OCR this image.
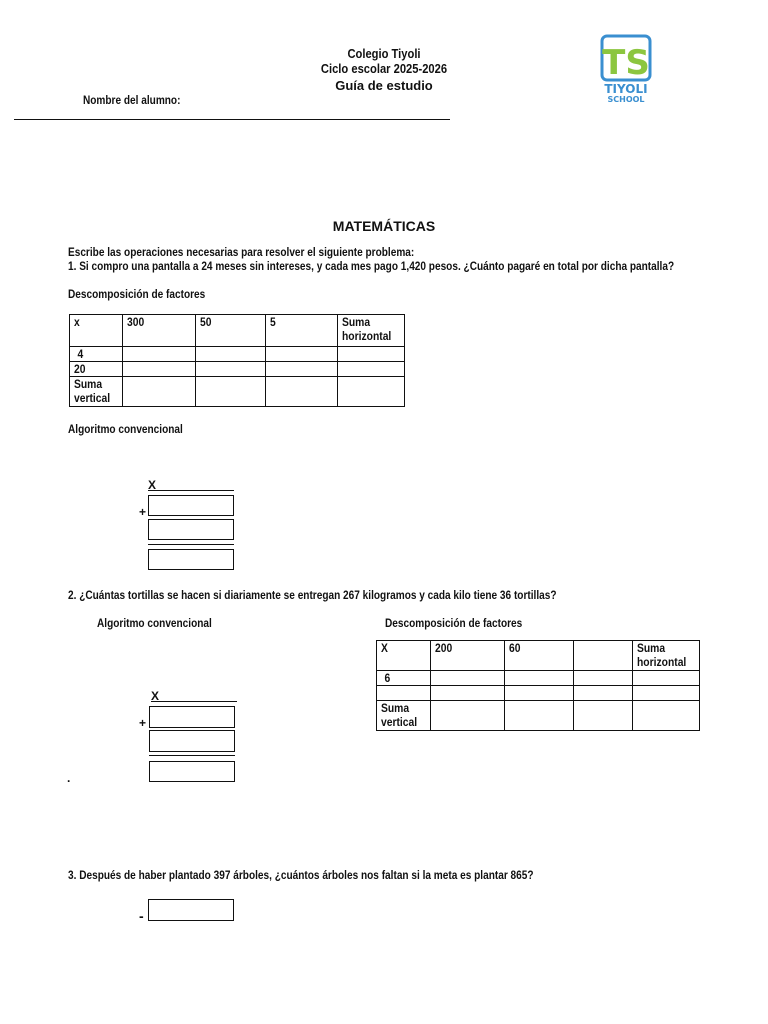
Colegio Tiyoli
Ciclo escolar 2025-2026
Guía de estudio
Nombre del alumno:
TS
TIYOLI
SCHOOL
MATEMÁTICAS
Escribe las operaciones necesarias para resolver el siguiente problema:
1. Si compro una pantalla a 24 meses sin intereses, y cada mes pago 1,420 pesos. ¿Cuánto pagaré en total por dicha pantalla?
Descomposición de factores
x	300	50	5	Suma horizontal
4				
20				
Suma vertical				
Algoritmo convencional
X
+
2. ¿Cuántas tortillas se hacen si diariamente se entregan 267 kilogramos y cada kilo tiene 36 tortillas?
Algoritmo convencional	Descomposición de factores
X	200	60		Suma horizontal
6				

Suma vertical				
X
+
.
3. Después de haber plantado 397 árboles, ¿cuántos árboles nos faltan si la meta es plantar 865?
-
